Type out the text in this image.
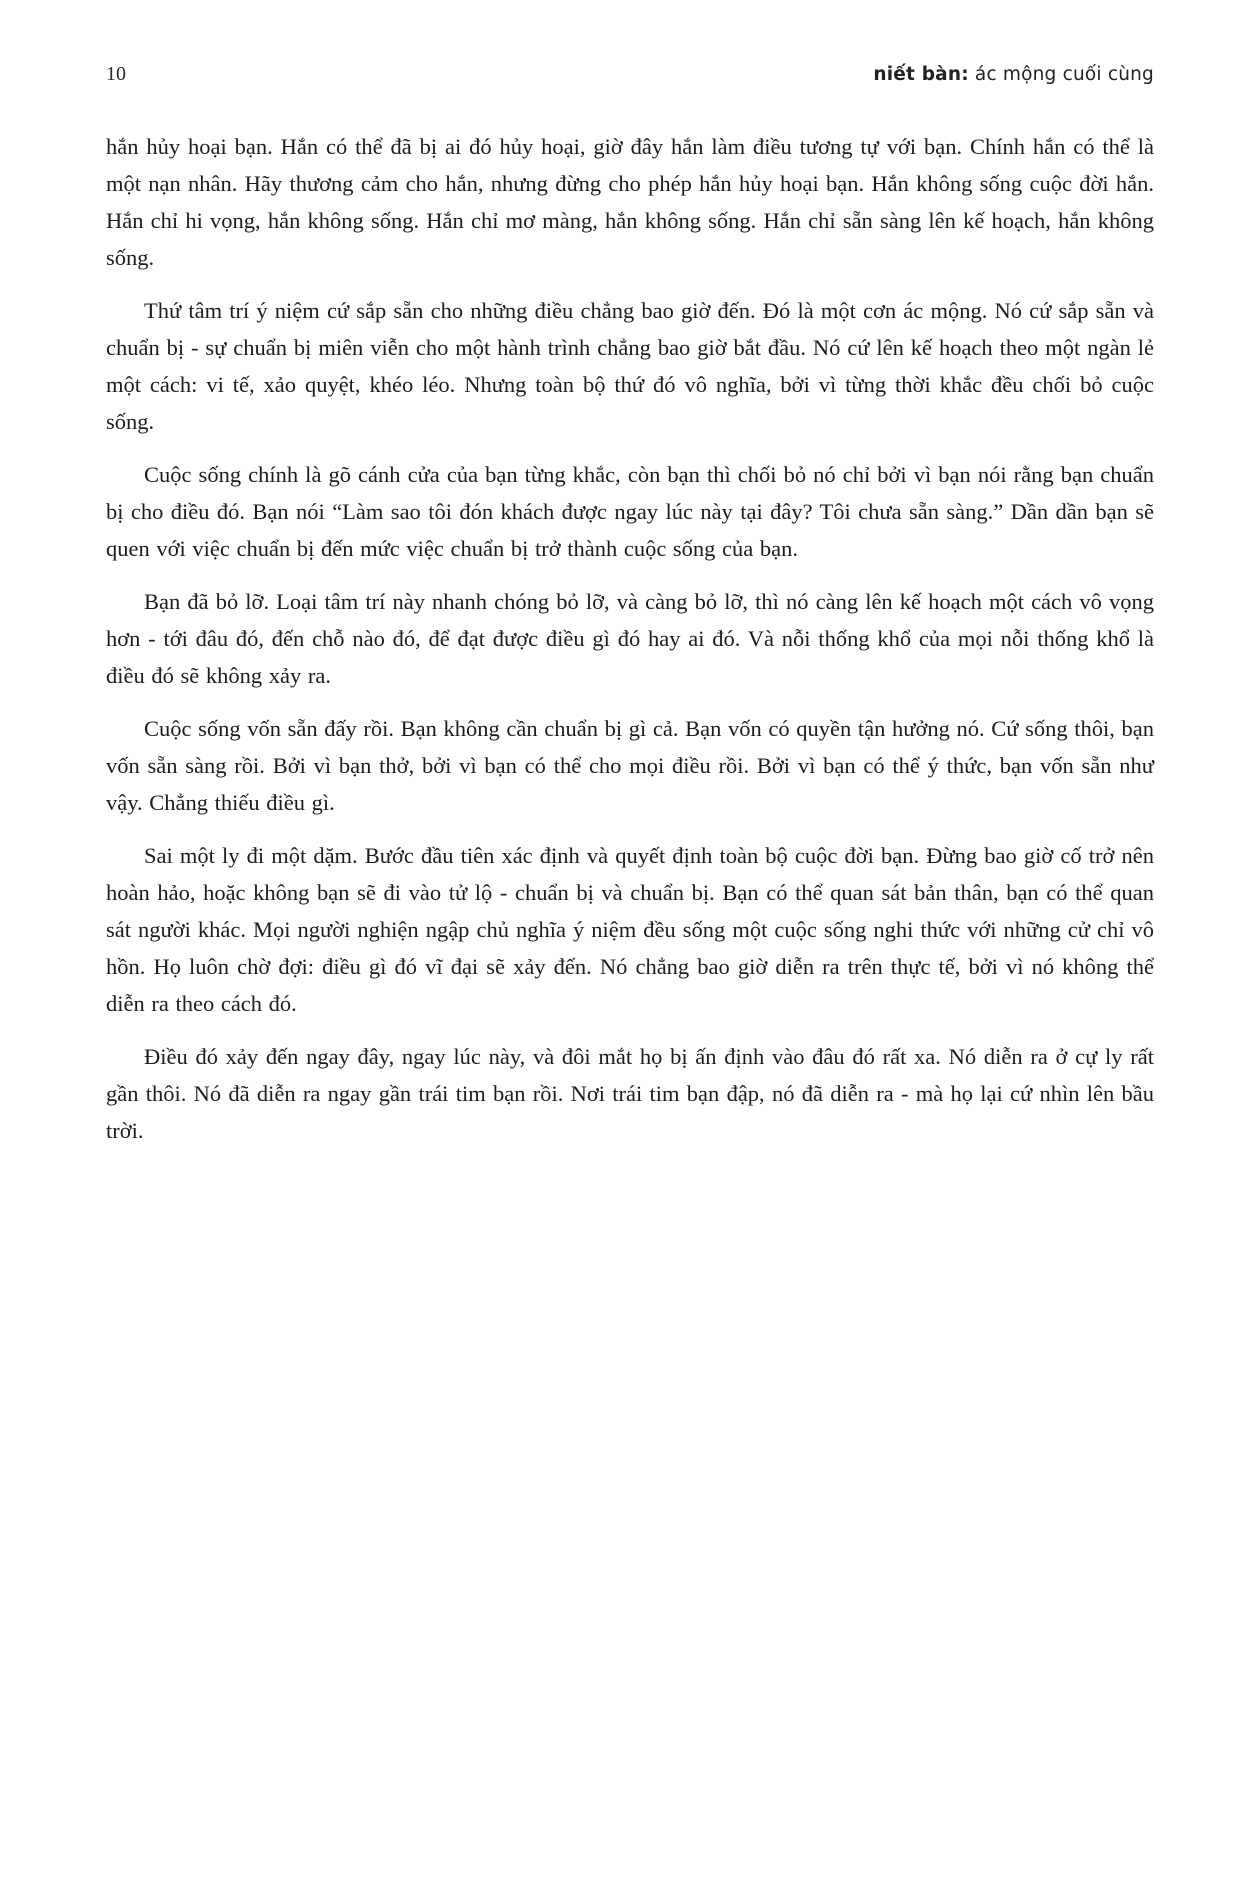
10	niết bàn: ác mộng cuối cùng

hắn hủy hoại bạn. Hắn có thể đã bị ai đó hủy hoại, giờ đây hắn làm điều tương tự với bạn. Chính hắn có thể là một nạn nhân. Hãy thương cảm cho hắn, nhưng đừng cho phép hắn hủy hoại bạn. Hắn không sống cuộc đời hắn. Hắn chỉ hi vọng, hắn không sống. Hắn chỉ mơ màng, hắn không sống. Hắn chỉ sẵn sàng lên kế hoạch, hắn không sống.

Thứ tâm trí ý niệm cứ sắp sẵn cho những điều chẳng bao giờ đến. Đó là một cơn ác mộng. Nó cứ sắp sẵn và chuẩn bị - sự chuẩn bị miên viễn cho một hành trình chẳng bao giờ bắt đầu. Nó cứ lên kế hoạch theo một ngàn lẻ một cách: vi tế, xảo quyệt, khéo léo. Nhưng toàn bộ thứ đó vô nghĩa, bởi vì từng thời khắc đều chối bỏ cuộc sống.

Cuộc sống chính là gõ cánh cửa của bạn từng khắc, còn bạn thì chối bỏ nó chỉ bởi vì bạn nói rằng bạn chuẩn bị cho điều đó. Bạn nói “Làm sao tôi đón khách được ngay lúc này tại đây? Tôi chưa sẵn sàng.” Dần dần bạn sẽ quen với việc chuẩn bị đến mức việc chuẩn bị trở thành cuộc sống của bạn.

Bạn đã bỏ lỡ. Loại tâm trí này nhanh chóng bỏ lỡ, và càng bỏ lỡ, thì nó càng lên kế hoạch một cách vô vọng hơn - tới đâu đó, đến chỗ nào đó, để đạt được điều gì đó hay ai đó. Và nỗi thống khổ của mọi nỗi thống khổ là điều đó sẽ không xảy ra.

Cuộc sống vốn sẵn đấy rồi. Bạn không cần chuẩn bị gì cả. Bạn vốn có quyền tận hưởng nó. Cứ sống thôi, bạn vốn sẵn sàng rồi. Bởi vì bạn thở, bởi vì bạn có thể cho mọi điều rồi. Bởi vì bạn có thể ý thức, bạn vốn sẵn như vậy. Chẳng thiếu điều gì.

Sai một ly đi một dặm. Bước đầu tiên xác định và quyết định toàn bộ cuộc đời bạn. Đừng bao giờ cố trở nên hoàn hảo, hoặc không bạn sẽ đi vào tử lộ - chuẩn bị và chuẩn bị. Bạn có thể quan sát bản thân, bạn có thể quan sát người khác. Mọi người nghiện ngập chủ nghĩa ý niệm đều sống một cuộc sống nghi thức với những cử chỉ vô hồn. Họ luôn chờ đợi: điều gì đó vĩ đại sẽ xảy đến. Nó chẳng bao giờ diễn ra trên thực tế, bởi vì nó không thể diễn ra theo cách đó.

Điều đó xảy đến ngay đây, ngay lúc này, và đôi mắt họ bị ấn định vào đâu đó rất xa. Nó diễn ra ở cự ly rất gần thôi. Nó đã diễn ra ngay gần trái tim bạn rồi. Nơi trái tim bạn đập, nó đã diễn ra - mà họ lại cứ nhìn lên bầu trời.
